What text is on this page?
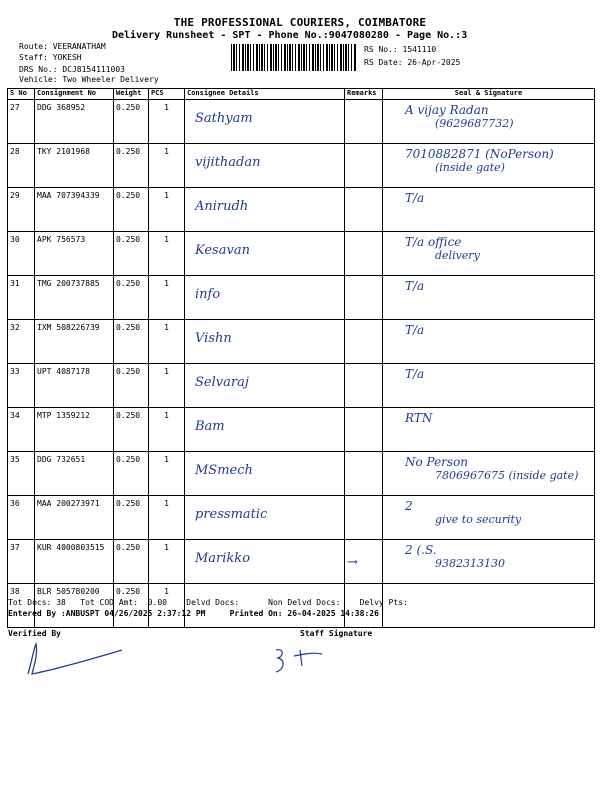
THE PROFESSIONAL COURIERS, COIMBATORE
Delivery Runsheet - SPT - Phone No.:9047080280 - Page No.:3
Route: VEERANATHAM
Staff: YOKESH
DRS No.: DCJ8154111003
Vehicle: Two Wheeler Delivery
RS No.: 1541110
RS Date: 26-Apr-2025
S No	Consignment No	Weight	PCS	Consignee Details	Remarks	Seal & Signature
27	DDG 368952	0.250	1	Sathyam		A vijay Radan
(9629687732)

28	TKY 2101968	0.250	1	vijithadan		7010882871 (NoPerson)
(inside gate)

29	MAA 707394339	0.250	1	Anirudh		T/a

30	APK 756573	0.250	1	Kesavan		T/a office
delivery

31	TMG 200737885	0.250	1	info		T/a

32	IXM 508226739	0.250	1	Vishn		T/a

33	UPT 4087178	0.250	1	Selvaraj		T/a

34	MTP 1359212	0.250	1	Bam		RTN

35	DDG 732651	0.250	1	MSmech		No Person
7806967675 (inside gate)

36	MAA 200273971	0.250	1	pressmatic		2
give to security

37	KUR 4000803515	0.250	1	Marikko	→	2 (.S.
9382313130

38	BLR 505780200	0.250	1	

Tot Docs: 38 Tot COD Amt: 0.00 Delvd Docs:	Non Delvd Docs: Delvy Pts:
Entered By :ANBUSPT 04/26/2025 2:37:12 PM	Printed On: 26-04-2025 14:38:26
Verified By	Staff Signature
